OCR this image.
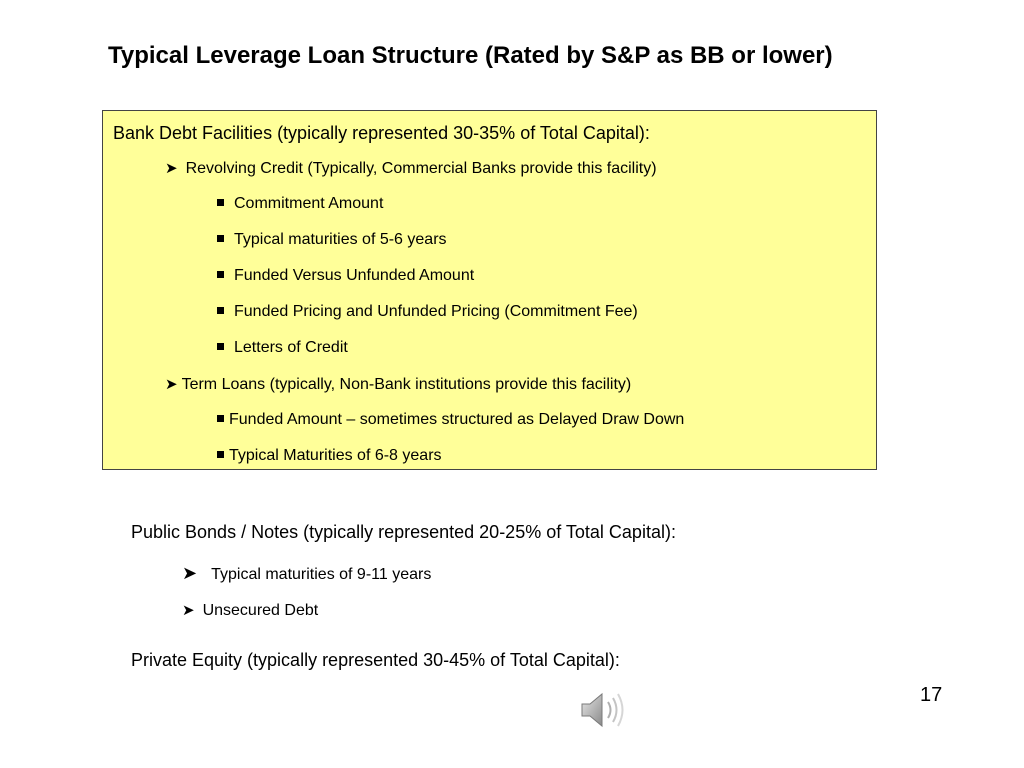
Typical Leverage Loan Structure (Rated by S&P as BB or lower)
Bank Debt Facilities (typically represented 30-35% of Total Capital):
➤ Revolving Credit (Typically, Commercial Banks provide this facility)
Commitment Amount
Typical maturities of 5-6 years
Funded Versus Unfunded Amount
Funded Pricing and Unfunded Pricing (Commitment Fee)
Letters of Credit
➤ Term Loans (typically, Non-Bank institutions provide this facility)
Funded Amount – sometimes structured as Delayed Draw Down
Typical Maturities of 6-8 years
Public Bonds / Notes (typically represented 20-25% of Total Capital):
➤ Typical maturities of 9-11 years
➤ Unsecured Debt
Private Equity (typically represented 30-45% of Total Capital):
17
